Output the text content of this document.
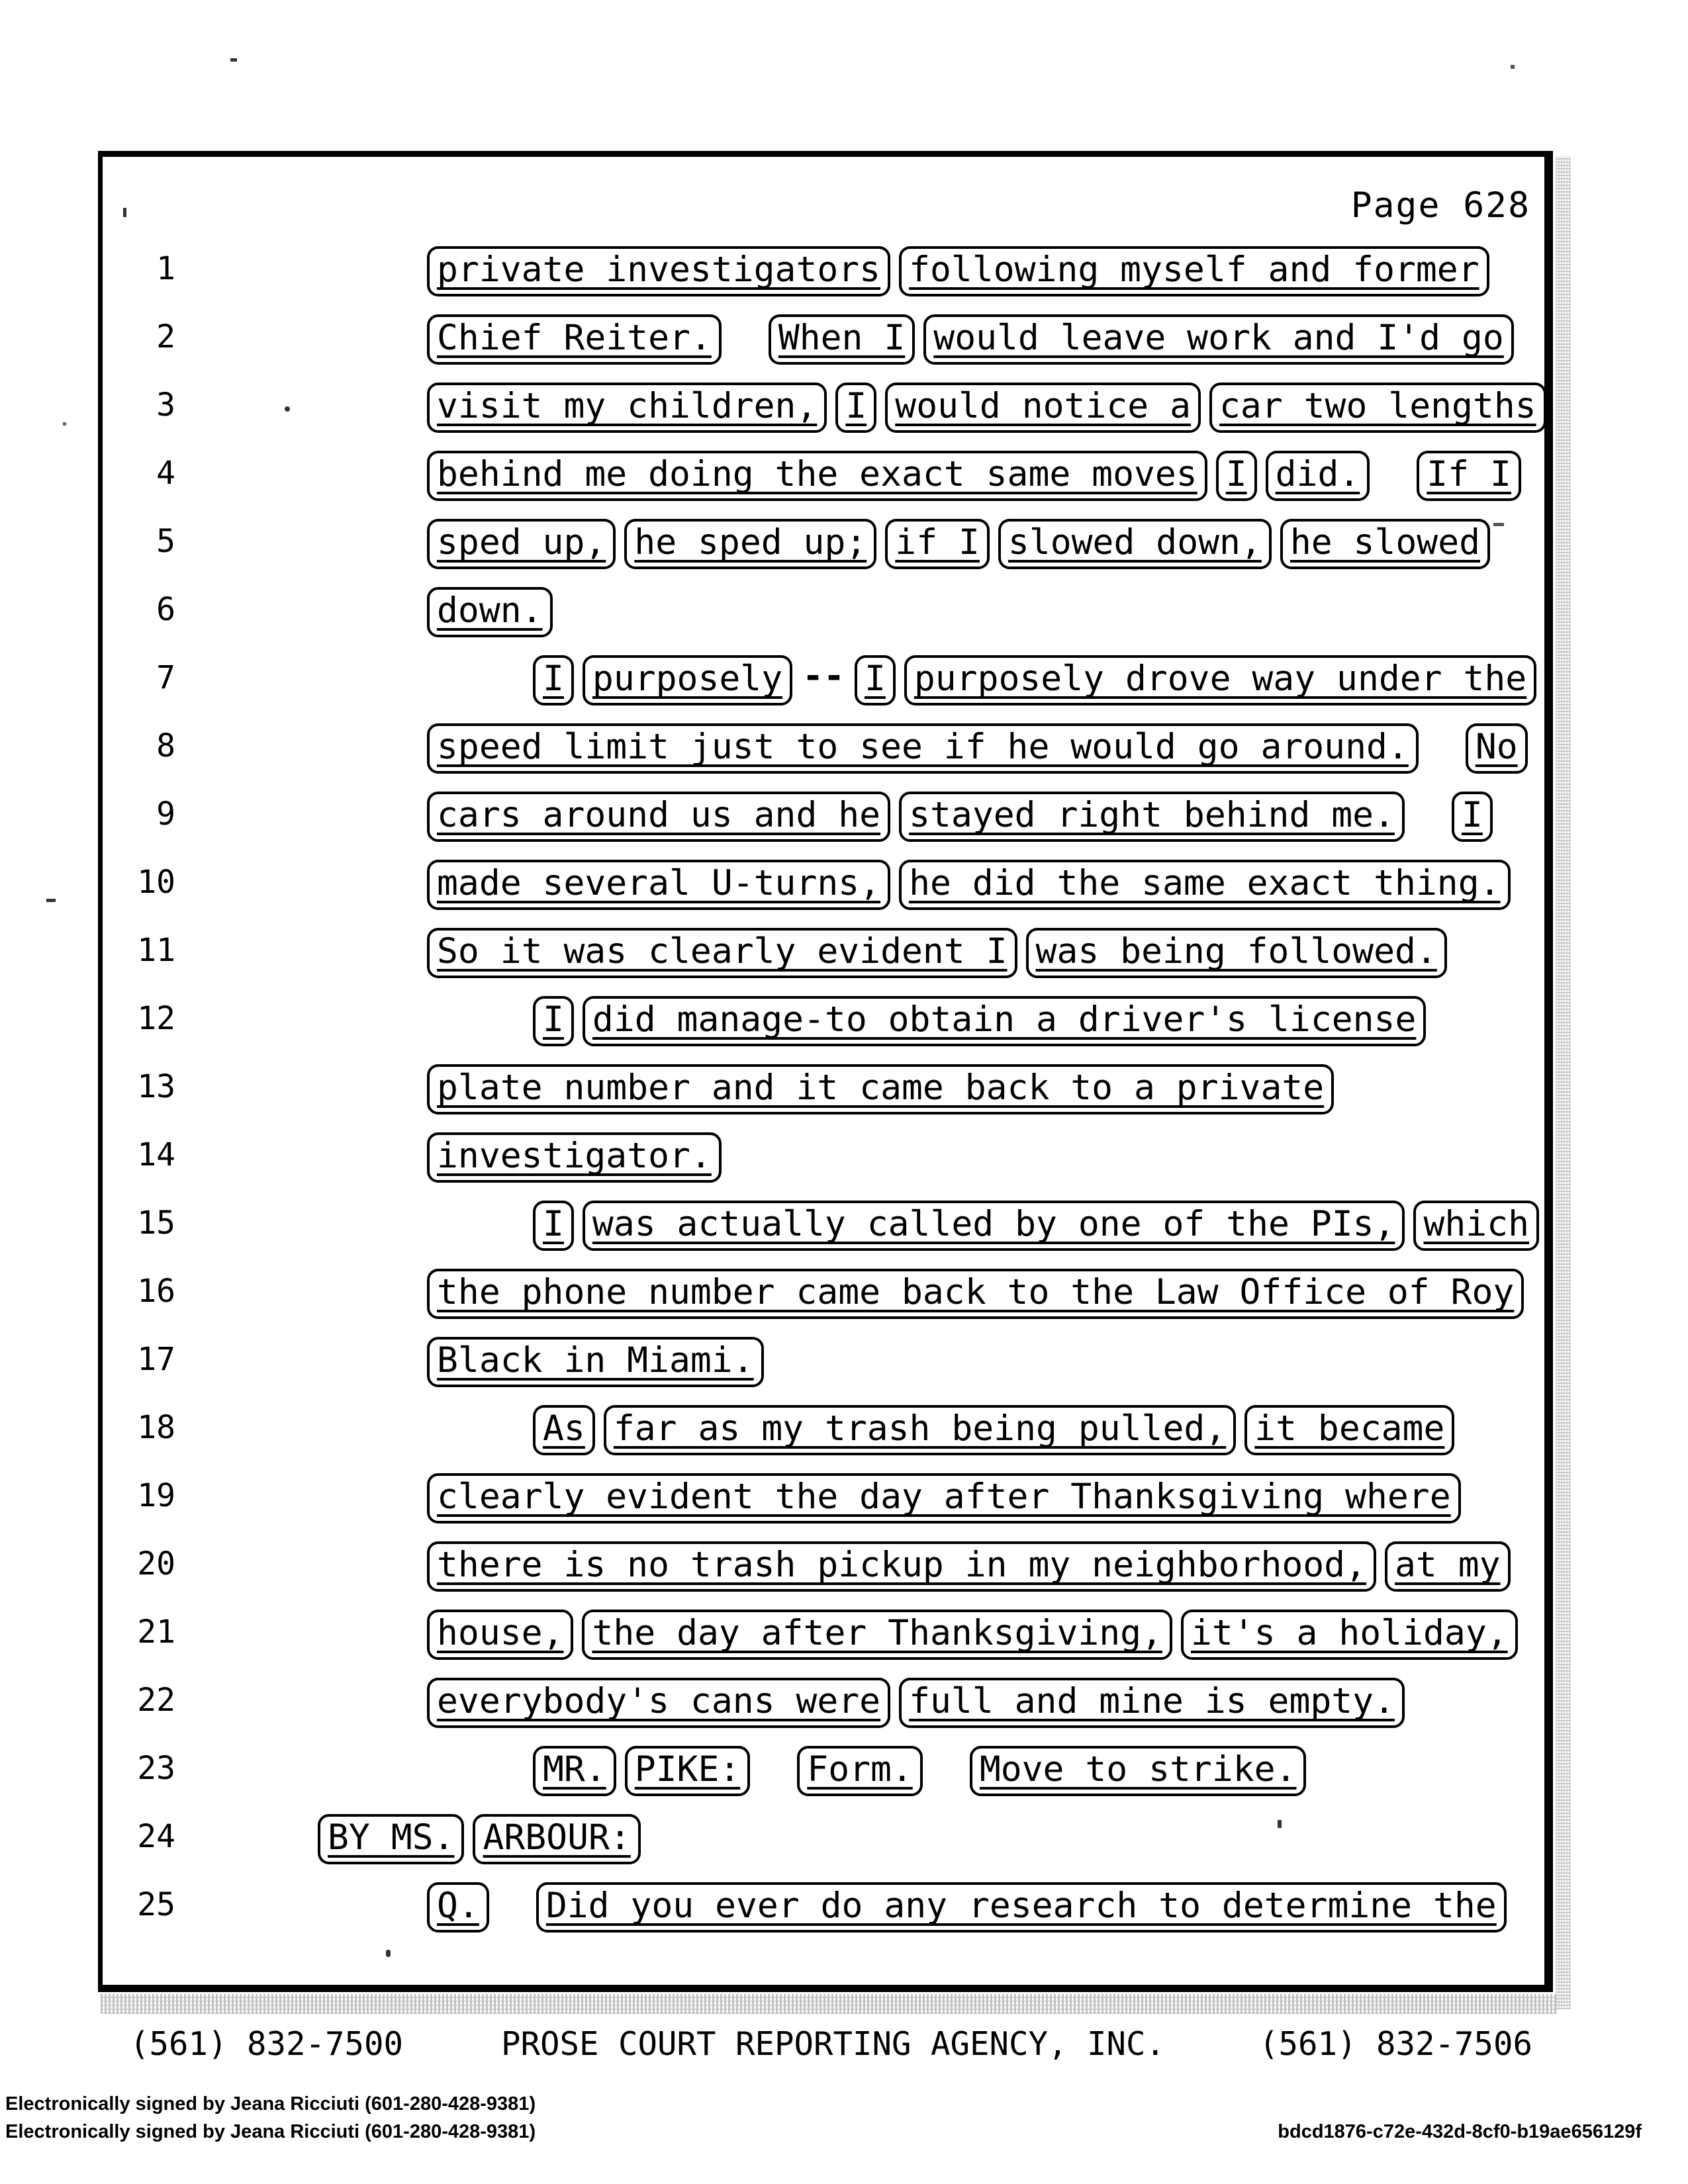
Page 628
1	private investigators following myself and former
2	Chief Reiter. When I would leave work and I'd go
3	visit my children, I would notice a car two lengths
4	behind me doing the exact same moves I did. If I
5	sped up, he sped up; if I slowed down, he slowed
6	down.
7	I purposely -- I purposely drove way under the
8	speed limit just to see if he would go around. No
9	cars around us and he stayed right behind me. I
10	made several U-turns, he did the same exact thing.
11	So it was clearly evident I was being followed.
12	I did manage-to obtain a driver's license
13	plate number and it came back to a private
14	investigator.
15	I was actually called by one of the PIs, which
16	the phone number came back to the Law Office of Roy
17	Black in Miami.
18	As far as my trash being pulled, it became
19	clearly evident the day after Thanksgiving where
20	there is no trash pickup in my neighborhood, at my
21	house, the day after Thanksgiving, it's a holiday,
22	everybody's cans were full and mine is empty.
23	MR. PIKE: Form. Move to strike.
24	BY MS. ARBOUR:
25	Q. Did you ever do any research to determine the
(561) 832-7500	PROSE COURT REPORTING AGENCY, INC.	(561) 832-7506
Electronically signed by Jeana Ricciuti (601-280-428-9381)
Electronically signed by Jeana Ricciuti (601-280-428-9381)	bdcd1876-c72e-432d-8cf0-b19ae656129f
